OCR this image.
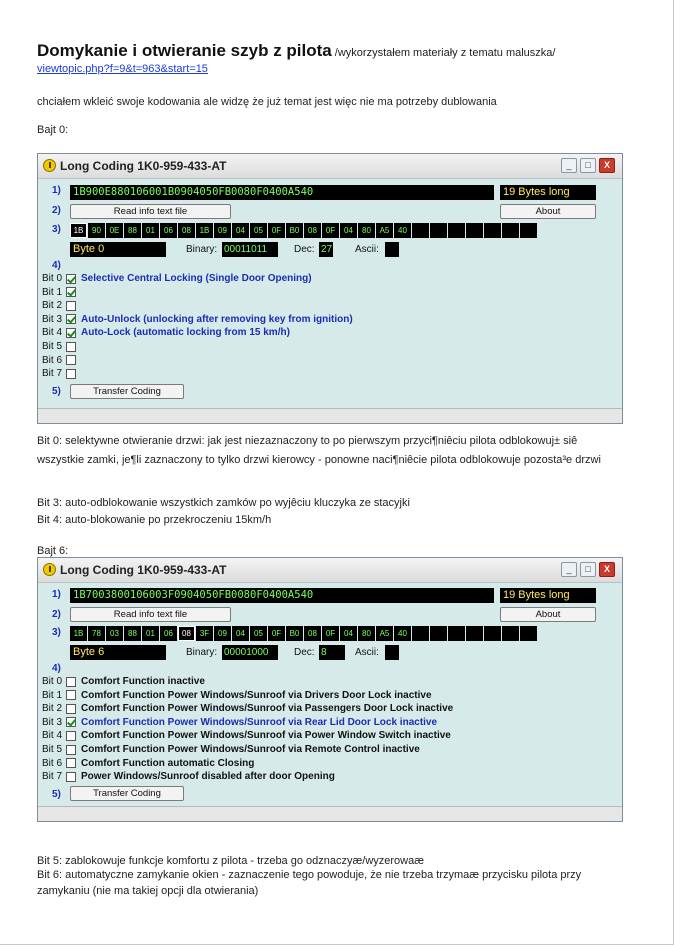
Domykanie i otwieranie szyb z pilota /wykorzystałem materiały z tematu maluszka/
viewtopic.php?f=9&t=963&start=15
chciałem wkleić swoje kodowania ale widzę że już temat jest więc nie ma potrzeby dublowania
Bajt 0:
Long Coding 1K0-959-433-AT	_	□	X
1) 1B900E880106001B0904050FB0080F0400A540	19 Bytes long
2)	Read info text file	About
3)	1B	90	0E	88	01	06	08	1B	09	04	05	0F	B0	08	0F	04	80	A5	40
Byte 0	Binary: 00011011	Dec: 27 Ascii:
4)
Bit 0	Selective Central Locking (Single Door Opening)
Bit 1
Bit 2
Bit 3	Auto-Unlock (unlocking after removing key from ignition)
Bit 4	Auto-Lock (automatic locking from 15 km/h)
Bit 5
Bit 6
Bit 7
5)	Transfer Coding
Bit 0: selektywne otwieranie drzwi: jak jest niezaznaczony to po pierwszym przyci¶niêciu pilota odblokowuj± siê
wszystkie zamki, je¶li zaznaczony to tylko drzwi kierowcy - ponowne naci¶niêcie pilota odblokowuje pozosta³e drzwi
Bit 3: auto-odblokowanie wszystkich zamków po wyjêciu kluczyka ze stacyjki
Bit 4: auto-blokowanie po przekroczeniu 15km/h
Bajt 6:
Long Coding 1K0-959-433-AT	_	□	X
1) 1B7003800106003F0904050FB0080F0400A540	19 Bytes long
2)	Read info text file	About
3)	1B	78	03	88	01	06	08	3F	09	04	05	0F	B0	08	0F	04	80	A5	40
Byte 6	Binary: 00001000	Dec: 8	Ascii:
4)
Bit 0	Comfort Function inactive
Bit 1	Comfort Function Power Windows/Sunroof via Drivers Door Lock inactive
Bit 2	Comfort Function Power Windows/Sunroof via Passengers Door Lock inactive
Bit 3	Comfort Function Power Windows/Sunroof via Rear Lid Door Lock inactive
Bit 4	Comfort Function Power Windows/Sunroof via Power Window Switch inactive
Bit 5	Comfort Function Power Windows/Sunroof via Remote Control inactive
Bit 6	Comfort Function automatic Closing
Bit 7	Power Windows/Sunroof disabled after door Opening
5)	Transfer Coding
Bit 5: zablokowuje funkcje komfortu z pilota - trzeba go odznaczyæ/wyzerowaæ
Bit 6: automatyczne zamykanie okien - zaznaczenie tego powoduje, że nie trzeba trzymaæ przycisku pilota przy
zamykaniu (nie ma takiej opcji dla otwierania)
